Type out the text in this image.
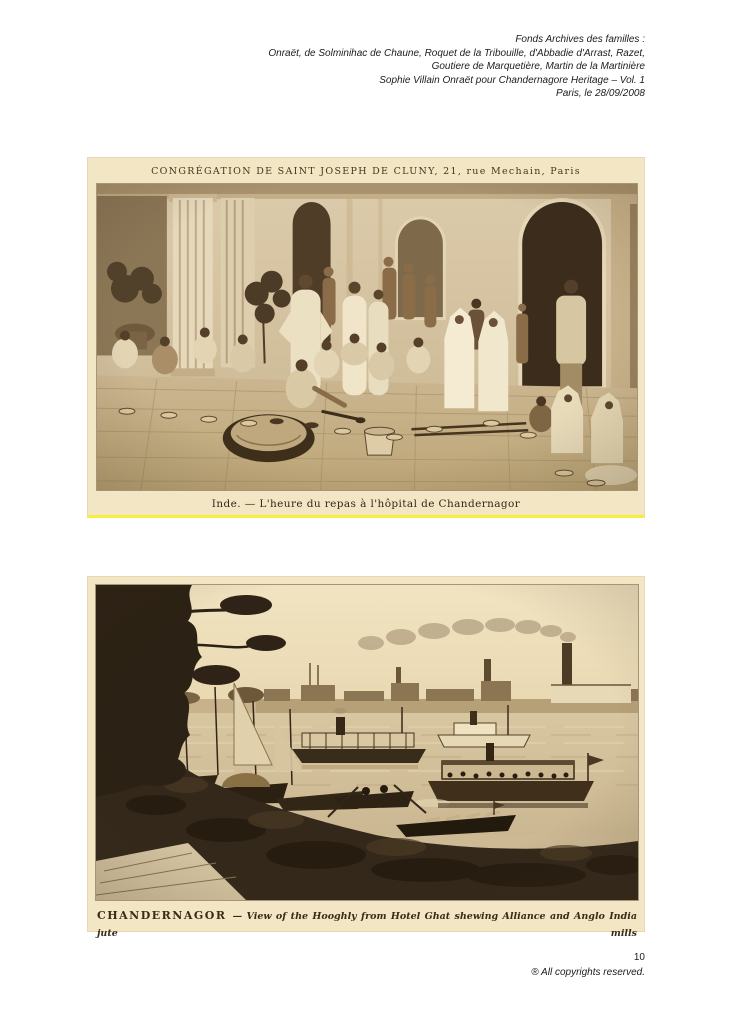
Fonds Archives des familles :
Onraët, de Solminihac de Chaune, Roquet de la Tribouille, d'Abbadie d'Arrast, Razet,
Goutiere de Marquetière, Martin de la Martinière
Sophie Villain Onraët pour Chandernagore Heritage – Vol. 1
Paris, le 28/09/2008
CONGRÉGATION DE SAINT JOSEPH DE CLUNY, 21, rue Mechain, Paris
Inde. — L'heure du repas à l'hôpital de Chandernagor
CHANDERNAGOR — View of the Hooghly from Hotel Ghat shewing Alliance and Anglo India jute mills
10
® All copyrights reserved.
